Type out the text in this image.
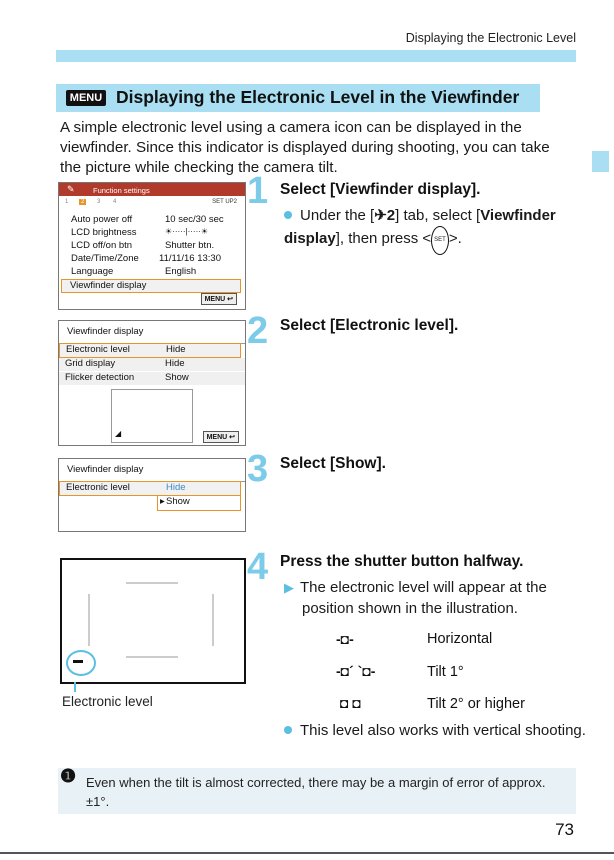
Displaying the Electronic Level
MENU Displaying the Electronic Level in the Viewfinder
A simple electronic level using a camera icon can be displayed in the viewfinder. Since this indicator is displayed during shooting, you can take the picture while checking the camera tilt.
✎ Function settings
1	2	3 4	SET UP2
Auto power off	10 sec/30 sec
LCD brightness	☀·····|·····☀
LCD off/on btn	Shutter btn.
Date/Time/Zone 11/11/16 13:30
Language	English
Viewfinder display
MENU ↩
1 Select [Viewfinder display].
Under the [✈2] tab, select [Viewfinder display], then press < SET >.
Viewfinder display
Electronic level	Hide
Grid display	Hide
Flicker detection	Show
◢	MENU ↩
2 Select [Electronic level].
Viewfinder display
Electronic level	Hide
▸ Show
3 Select [Show].
▬
Electronic level
4 Press the shutter button halfway.
▶ The electronic level will appear at the position shown in the illustration.
-◘-	Horizontal
-◘´ `◘-	Tilt 1°
◘ ◘	Tilt 2° or higher
This level also works with vertical shooting.
❶ Even when the tilt is almost corrected, there may be a margin of error of approx. ±1°.
73
